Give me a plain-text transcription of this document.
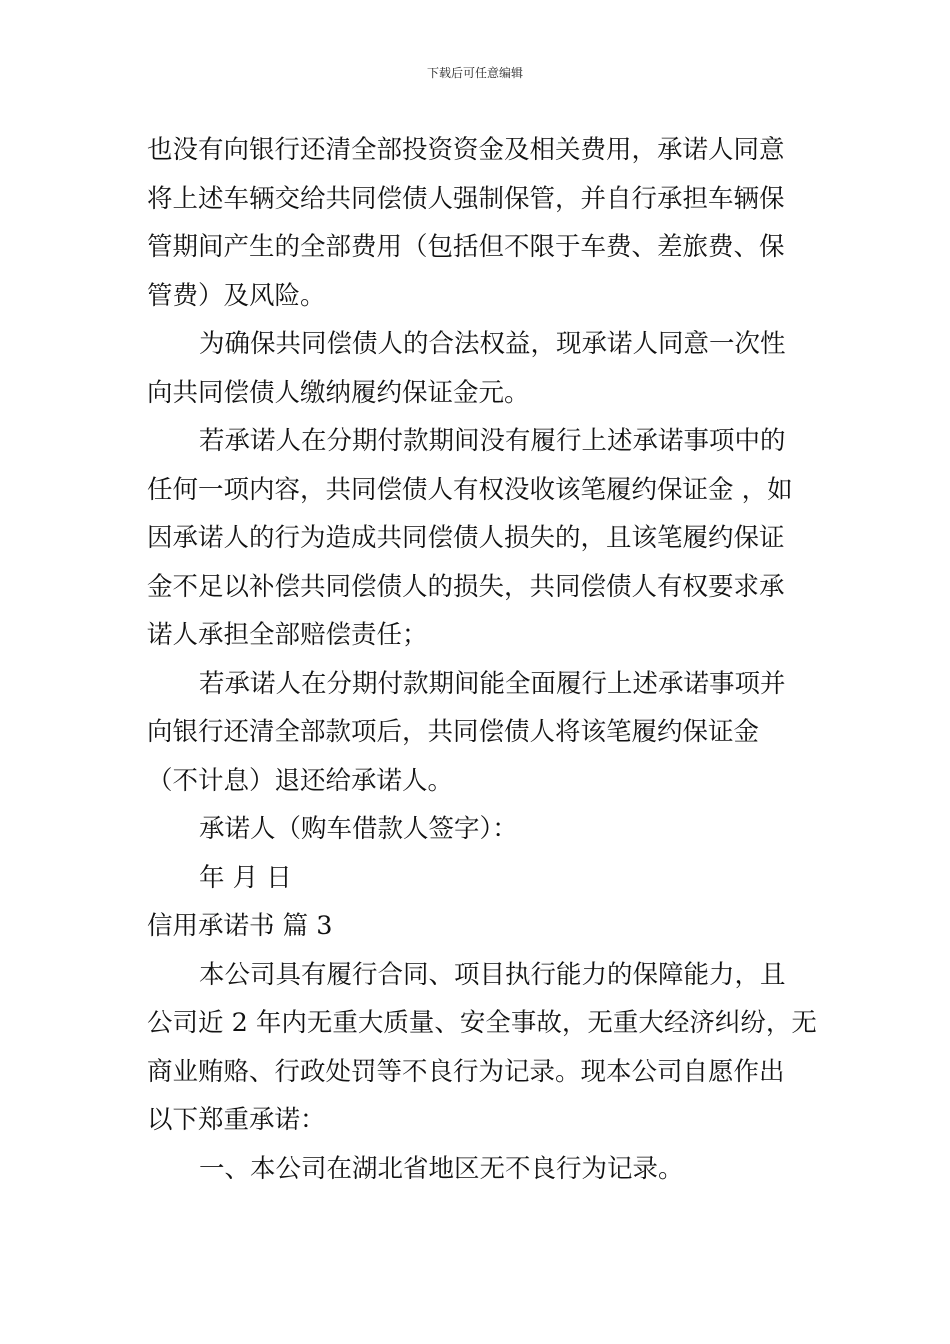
下载后可任意编辑

也没有向银行还清全部投资资金及相关费用，承诺人同意
将上述车辆交给共同偿债人强制保管，并自行承担车辆保
管期间产生的全部费用（包括但不限于车费、差旅费、保
管费）及风险。

为确保共同偿债人的合法权益，现承诺人同意一次性
向共同偿债人缴纳履约保证金元。

若承诺人在分期付款期间没有履行上述承诺事项中的
任何一项内容，共同偿债人有权没收该笔履约保证金 ，如
因承诺人的行为造成共同偿债人损失的，且该笔履约保证
金不足以补偿共同偿债人的损失，共同偿债人有权要求承
诺人承担全部赔偿责任；

若承诺人在分期付款期间能全面履行上述承诺事项并
向银行还清全部款项后，共同偿债人将该笔履约保证金
（不计息）退还给承诺人。

承诺人（购车借款人签字）：

年 月 日

信用承诺书 篇 3

本公司具有履行合同、项目执行能力的保障能力，且
公司近 2 年内无重大质量、安全事故，无重大经济纠纷，无
商业贿赂、行政处罚等不良行为记录。现本公司自愿作出
以下郑重承诺：

一、本公司在湖北省地区无不良行为记录。
